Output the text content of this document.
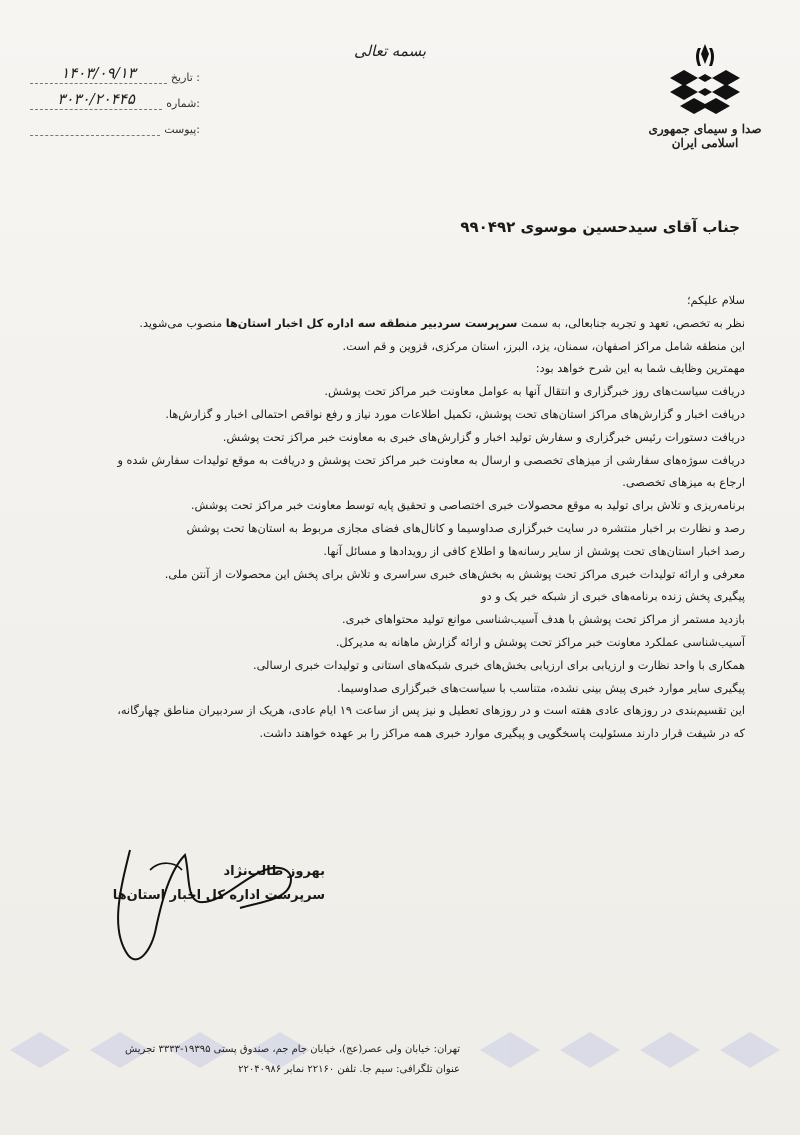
صدا و سیمای جمهوری اسلامی ایران
بسمه تعالی
: تاریخ
۱۴۰۳/۰۹/۱۳
:شماره
۳۰۳۰/۲۰۴۴۵
:پیوست
جناب آقای سیدحسین موسوی ۹۹۰۴۹۲

سلام علیکم؛

نظر به تخصص، تعهد و تجربه جنابعالی، به سمت سرپرست سردبیر منطقه سه اداره کل اخبار استان‌ها منصوب می‌شوید.

این منطقه شامل مراکز اصفهان، سمنان، یزد، البرز، استان مرکزی، قزوین و قم است.

مهمترین وظایف شما به این شرح خواهد بود:

دریافت سیاست‌های روز خبرگزاری و انتقال آنها به عوامل معاونت خبر مراکز تحت پوشش.

دریافت اخبار و گزارش‌های مراکز استان‌های تحت پوشش، تکمیل اطلاعات مورد نیاز و رفع نواقص احتمالی اخبار و گزارش‌ها.

دریافت دستورات رئیس خبرگزاری و سفارش تولید اخبار و گزارش‌های خبری به معاونت خبر مراکز تحت پوشش.

دریافت سوژه‌های سفارشی از میزهای تخصصی و ارسال به معاونت خبر مراکز تحت پوشش و دریافت به موقع تولیدات سفارش شده و

ارجاع به میزهای تخصصی.

برنامه‌ریزی و تلاش برای تولید به موقع محصولات خبری اختصاصی و تحقیق پایه توسط معاونت خبر مراکز تحت پوشش.

رصد و نظارت بر اخبار منتشره در سایت خبرگزاری صداوسیما و کانال‌های فضای مجازی مربوط به استان‌ها تحت پوشش

رصد اخبار استان‌های تحت پوشش از سایر رسانه‌ها و اطلاع کافی از رویدادها و مسائل آنها.

معرفی و ارائه تولیدات خبری مراکز تحت پوشش به بخش‌های خبری سراسری و تلاش برای پخش این محصولات از آنتن ملی.

پیگیری پخش زنده برنامه‌های خبری از شبکه خبر یک و دو

بازدید مستمر از مراکز تحت پوشش با هدف آسیب‌شناسی موانع تولید محتواهای خبری.

آسیب‌شناسی عملکرد معاونت خبر مراکز تحت پوشش و ارائه گزارش ماهانه به مدیرکل.

همکاری با واحد نظارت و ارزیابی برای ارزیابی بخش‌های خبری شبکه‌های استانی و تولیدات خبری ارسالی.

پیگیری سایر موارد خبری پیش بینی نشده، متناسب با سیاست‌های خبرگزاری صداوسیما.

این تقسیم‌بندی در روزهای عادی هفته است و در روزهای تعطیل و نیز پس از ساعت ۱۹ ایام عادی، هریک از سردبیران مناطق چهارگانه،

که در شیفت قرار دارند مسئولیت پاسخگویی و پیگیری موارد خبری همه مراکز را بر عهده خواهند داشت.

بهروز طالب‌نژاد
سرپرست اداره کل اخبار استان‌ها
تهران: خیابان ولی عصر(عج)، خیابان جام جم، صندوق پستی ۱۹۳۹۵-۳۳۳۳ تجریش
عنوان تلگرافی: سیم جا. تلفن ۲۲۱۶۰ نمابر ۲۲۰۴۰۹۸۶
